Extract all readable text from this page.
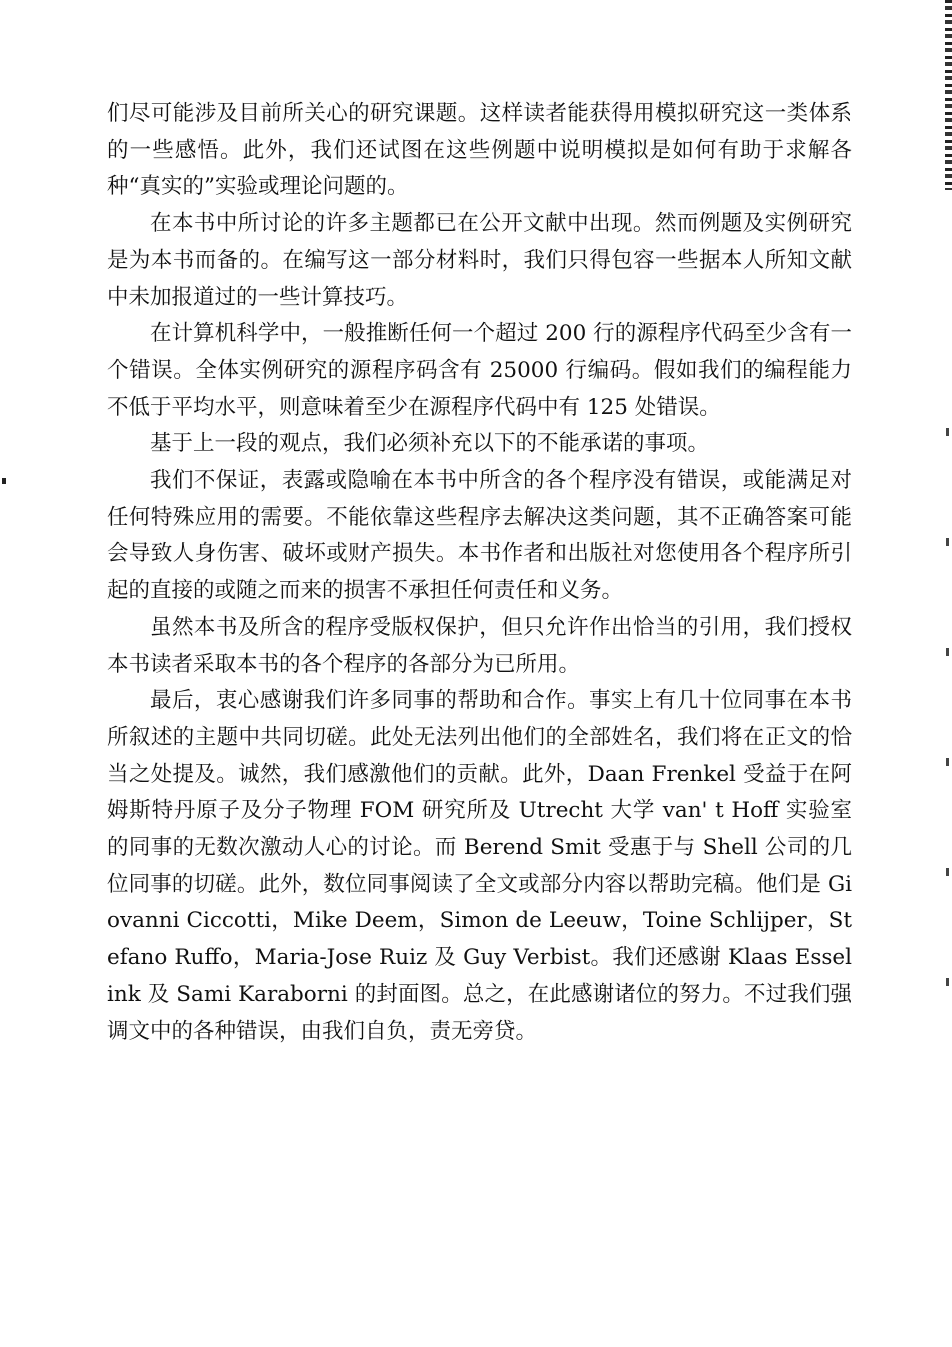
们尽可能涉及目前所关心的研究课题。这样读者能获得用模拟研究这一类体系的一些感悟。此外，我们还试图在这些例题中说明模拟是如何有助于求解各种“真实的”实验或理论问题的。

在本书中所讨论的许多主题都已在公开文献中出现。然而例题及实例研究是为本书而备的。在编写这一部分材料时，我们只得包容一些据本人所知文献中未加报道过的一些计算技巧。

在计算机科学中，一般推断任何一个超过 200 行的源程序代码至少含有一个错误。全体实例研究的源程序码含有 25000 行编码。假如我们的编程能力不低于平均水平，则意味着至少在源程序代码中有 125 处错误。

基于上一段的观点，我们必须补充以下的不能承诺的事项。

我们不保证，表露或隐喻在本书中所含的各个程序没有错误，或能满足对任何特殊应用的需要。不能依靠这些程序去解决这类问题，其不正确答案可能会导致人身伤害、破坏或财产损失。本书作者和出版社对您使用各个程序所引起的直接的或随之而来的损害不承担任何责任和义务。

虽然本书及所含的程序受版权保护，但只允许作出恰当的引用，我们授权本书读者采取本书的各个程序的各部分为已所用。

最后，衷心感谢我们许多同事的帮助和合作。事实上有几十位同事在本书所叙述的主题中共同切磋。此处无法列出他们的全部姓名，我们将在正文的恰当之处提及。诚然，我们感激他们的贡献。此外，Daan Frenkel 受益于在阿姆斯特丹原子及分子物理 FOM 研究所及 Utrecht 大学 van' t Hoff 实验室的同事的无数次激动人心的讨论。而 Berend Smit 受惠于与 Shell 公司的几位同事的切磋。此外，数位同事阅读了全文或部分内容以帮助完稿。他们是 Giovanni Ciccotti，Mike Deem，Simon de Leeuw，Toine Schlijper，Stefano Ruffo，Maria-Jose Ruiz 及 Guy Verbist。我们还感谢 Klaas Esselink 及 Sami Karaborni 的封面图。总之，在此感谢诸位的努力。不过我们强调文中的各种错误，由我们自负，责无旁贷。
